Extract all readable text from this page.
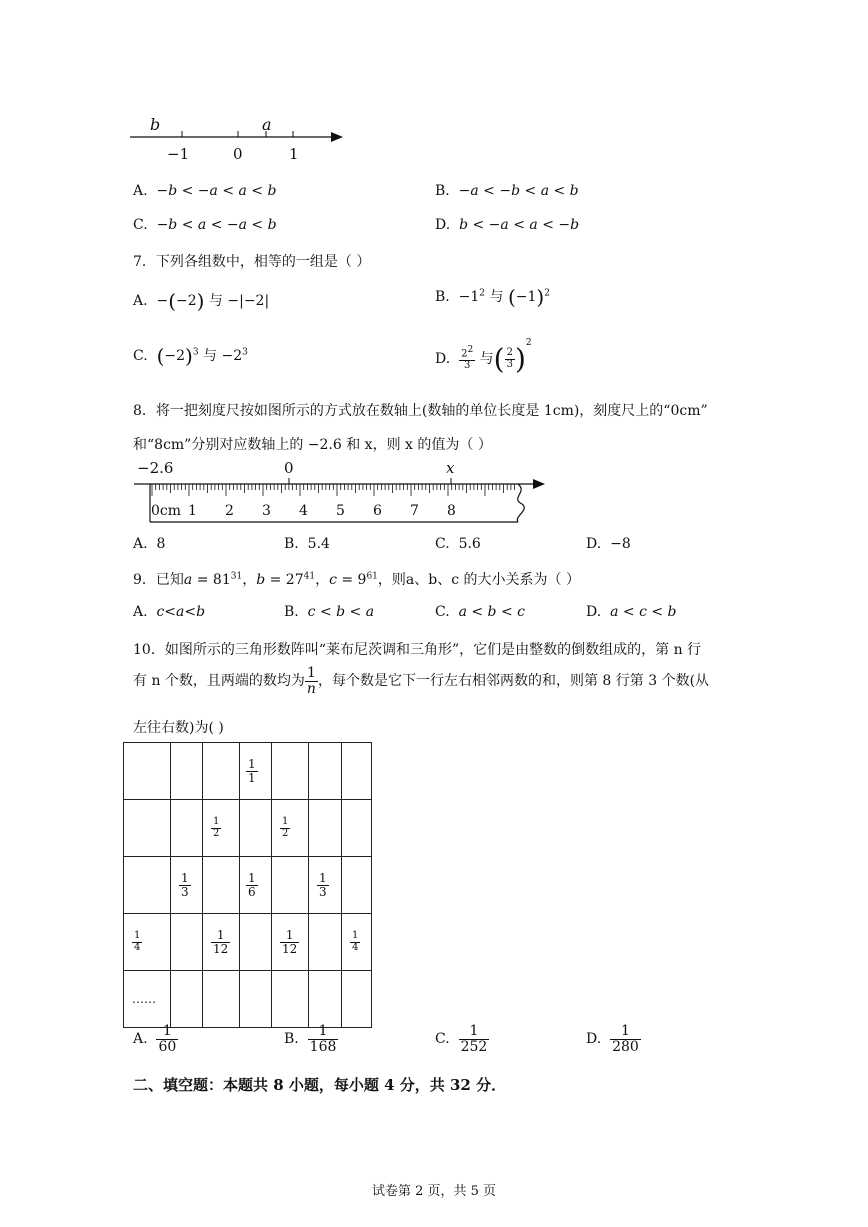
b	a
−1	0	1
A. −b < −a < a < b	B. −a < −b < a < b
C. −b < a < −a < b	D. b < −a < a < −b
7．下列各组数中，相等的一组是（ ）
A.  −(−2) 与 −|−2|	B.  $-1^2$ 与 $(-1)^2$
C. $(-2)^3$ 与 $-2^3$	D. $\frac{2^2}{3}$ 与( $\frac{2}{3} )^2$
8．将一把刻度尺按如图所示的方式放在数轴上(数轴的单位长度是 1cm)，刻度尺上的“0cm”
和“8cm”分别对应数轴上的 −2.6 和 x，则 x 的值为（ ）
−2.6	0	x
0cm 1 2 3 4 5 6 7 8
A. 8	B. 5.4	C. 5.6	D. −8
9．已知$a = 81^{31}$，$b = 27^{41}$，$c = 9^{61}$，则a、b、c 的大小关系为（ ）
A. c<a<b	B. c < b < a	C. a < b < c	D. a < c < b
10．如图所示的三角形数阵叫“莱布尼茨调和三角形”，它们是由整数的倒数组成的，第 n 行
有 n 个数，且两端的数均为 $\frac{1}{n}$ ，每个数是它下一行左右相邻两数的和，则第 8 行第 3 个数(从
左往右数)为( )

			$\frac{1}{1}$

		$\frac{1}{2}$		$\frac{1}{2}$

	$\frac{1}{3}$		$\frac{1}{6}$		$\frac{1}{3}$

$\frac{1}{4}$		$\frac{1}{12}$		$\frac{1}{12}$		$\frac{1}{4}$

……						
A. $\frac{1}{60}$	B. $\frac{1}{168}$	C. $\frac{1}{252}$	D. $\frac{1}{280}$
二、填空题：本题共 8 小题，每小题 4 分，共 32 分．
试卷第 2 页，共 5 页
